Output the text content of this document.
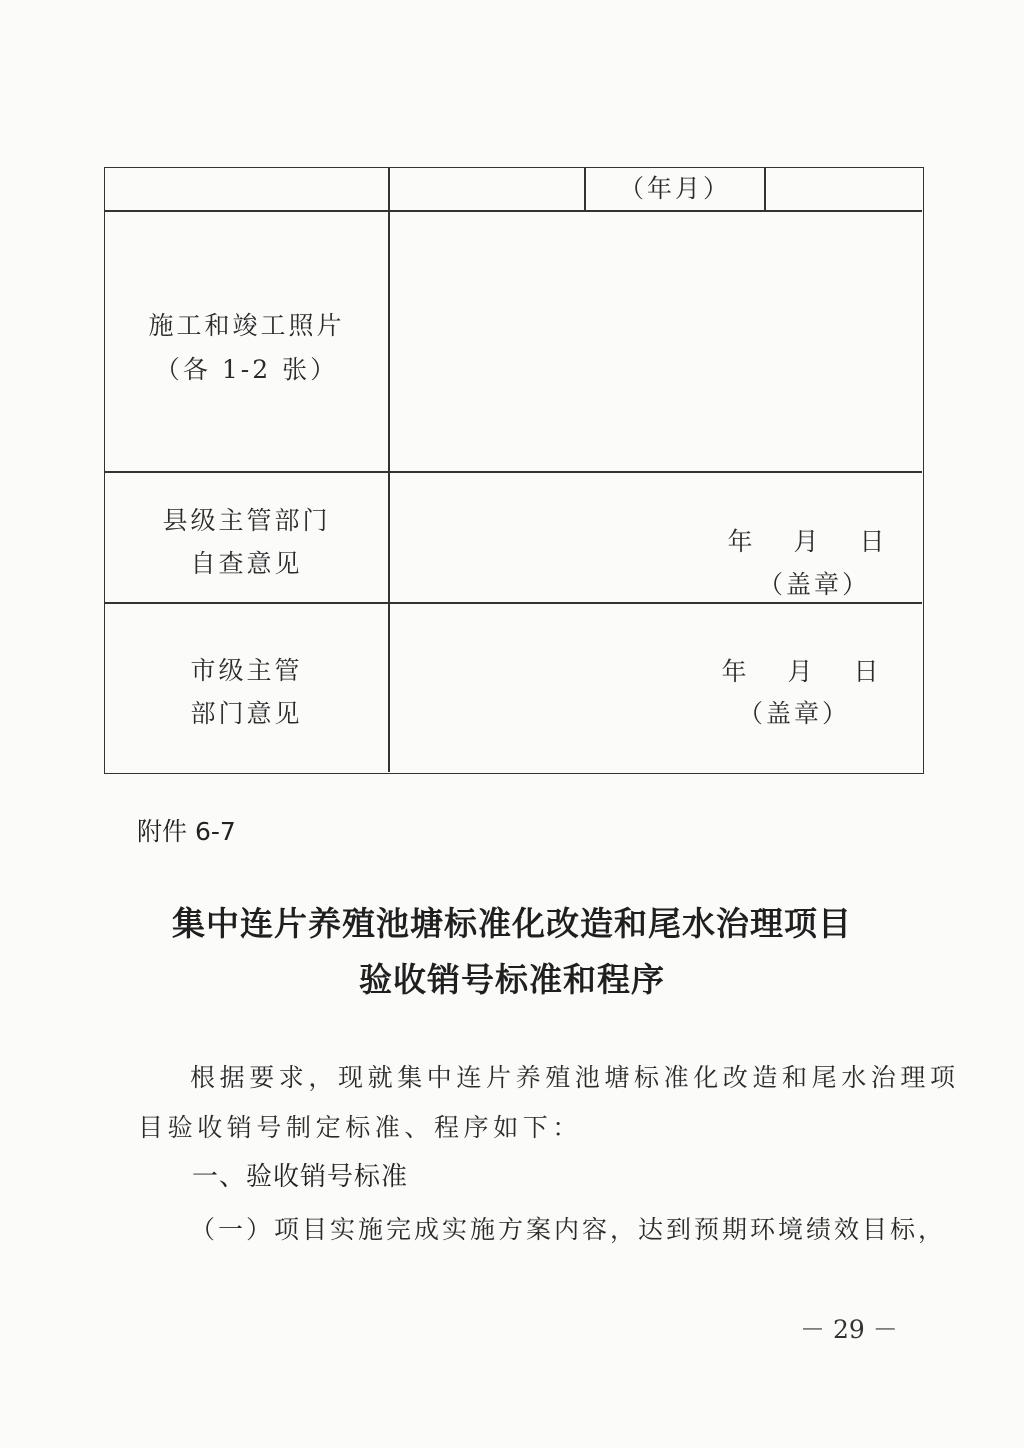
（年月）
施工和竣工照片
（各 1-2 张）
县级主管部门
自查意见
年　月　日
（盖章）
市级主管
部门意见
年　月　日
（盖章）
附件 6-7
集中连片养殖池塘标准化改造和尾水治理项目
验收销号标准和程序
根据要求，现就集中连片养殖池塘标准化改造和尾水治理项
目验收销号制定标准、程序如下：
一、验收销号标准
（一）项目实施完成实施方案内容，达到预期环境绩效目标，
－ 29 －
